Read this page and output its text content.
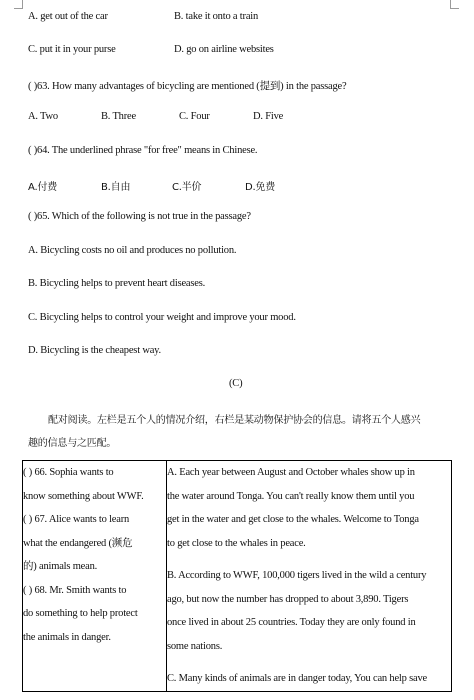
A. get out of the car	B. take it onto a train
C. put it in your purse	D. go on airline websites
( )63. How many advantages of bicycling are mentioned (提到) in the passage?
A. Two	B. Three	C. Four	D. Five
( )64. The underlined phrase "for free" means in Chinese.
A.付费	B.自由	C.半价	D.免费
( )65. Which of the following is not true in the passage?
A. Bicycling costs no oil and produces no pollution.
B. Bicycling helps to prevent heart diseases.
C. Bicycling helps to control your weight and improve your mood.
D. Bicycling is the cheapest way.
(C)
配对阅读。左栏是五个人的情况介绍，右栏是某动物保护协会的信息。请将五个人感兴
趣的信息与之匹配。
( ) 66. Sophia wants to
know something about WWF.
( ) 67. Alice wants to learn
what the endangered (濒危
的) animals mean.
( ) 68. Mr. Smith wants to
do something to help protect
the animals in danger.

A. Each year between August and October whales show up in
the water around Tonga. You can't really know them until you
get in the water and get close to the whales. Welcome to Tonga
to get close to the whales in peace.
B. According to WWF, 100,000 tigers lived in the wild a century
ago, but now the number has dropped to about 3,890. Tigers
once lived in about 25 countries. Today they are only found in
some nations.
C. Many kinds of animals are in danger today, You can help save
